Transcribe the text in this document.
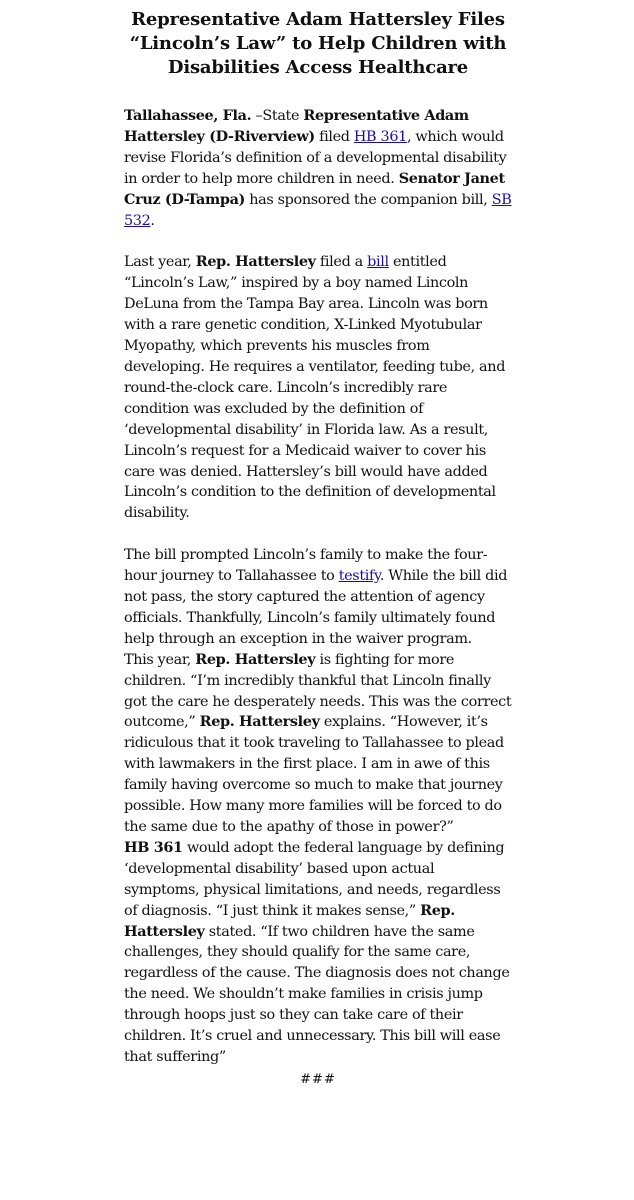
Representative Adam Hattersley Files “Lincoln’s Law” to Help Children with Disabilities Access Healthcare

Tallahassee, Fla. –State Representative Adam Hattersley (D-Riverview) filed HB 361, which would revise Florida’s definition of a developmental disability in order to help more children in need. Senator Janet Cruz (D-Tampa) has sponsored the companion bill, SB 532.

Last year, Rep. Hattersley filed a bill entitled “Lincoln’s Law,” inspired by a boy named Lincoln DeLuna from the Tampa Bay area. Lincoln was born with a rare genetic condition, X-Linked Myotubular Myopathy, which prevents his muscles from developing. He requires a ventilator, feeding tube, and round-the-clock care. Lincoln’s incredibly rare condition was excluded by the definition of ‘developmental disability’ in Florida law. As a result, Lincoln’s request for a Medicaid waiver to cover his care was denied. Hattersley’s bill would have added Lincoln’s condition to the definition of developmental disability.

The bill prompted Lincoln’s family to make the four-hour journey to Tallahassee to testify. While the bill did not pass, the story captured the attention of agency officials. Thankfully, Lincoln’s family ultimately found help through an exception in the waiver program.

This year, Rep. Hattersley is fighting for more children. “I’m incredibly thankful that Lincoln finally got the care he desperately needs. This was the correct outcome,” Rep. Hattersley explains. “However, it’s ridiculous that it took traveling to Tallahassee to plead with lawmakers in the first place. I am in awe of this family having overcome so much to make that journey possible. How many more families will be forced to do the same due to the apathy of those in power?”

HB 361 would adopt the federal language by defining ‘developmental disability’ based upon actual symptoms, physical limitations, and needs, regardless of diagnosis. “I just think it makes sense,” Rep. Hattersley stated. “If two children have the same challenges, they should qualify for the same care, regardless of the cause. The diagnosis does not change the need. We shouldn’t make families in crisis jump through hoops just so they can take care of their children. It’s cruel and unnecessary. This bill will ease that suffering”

###
